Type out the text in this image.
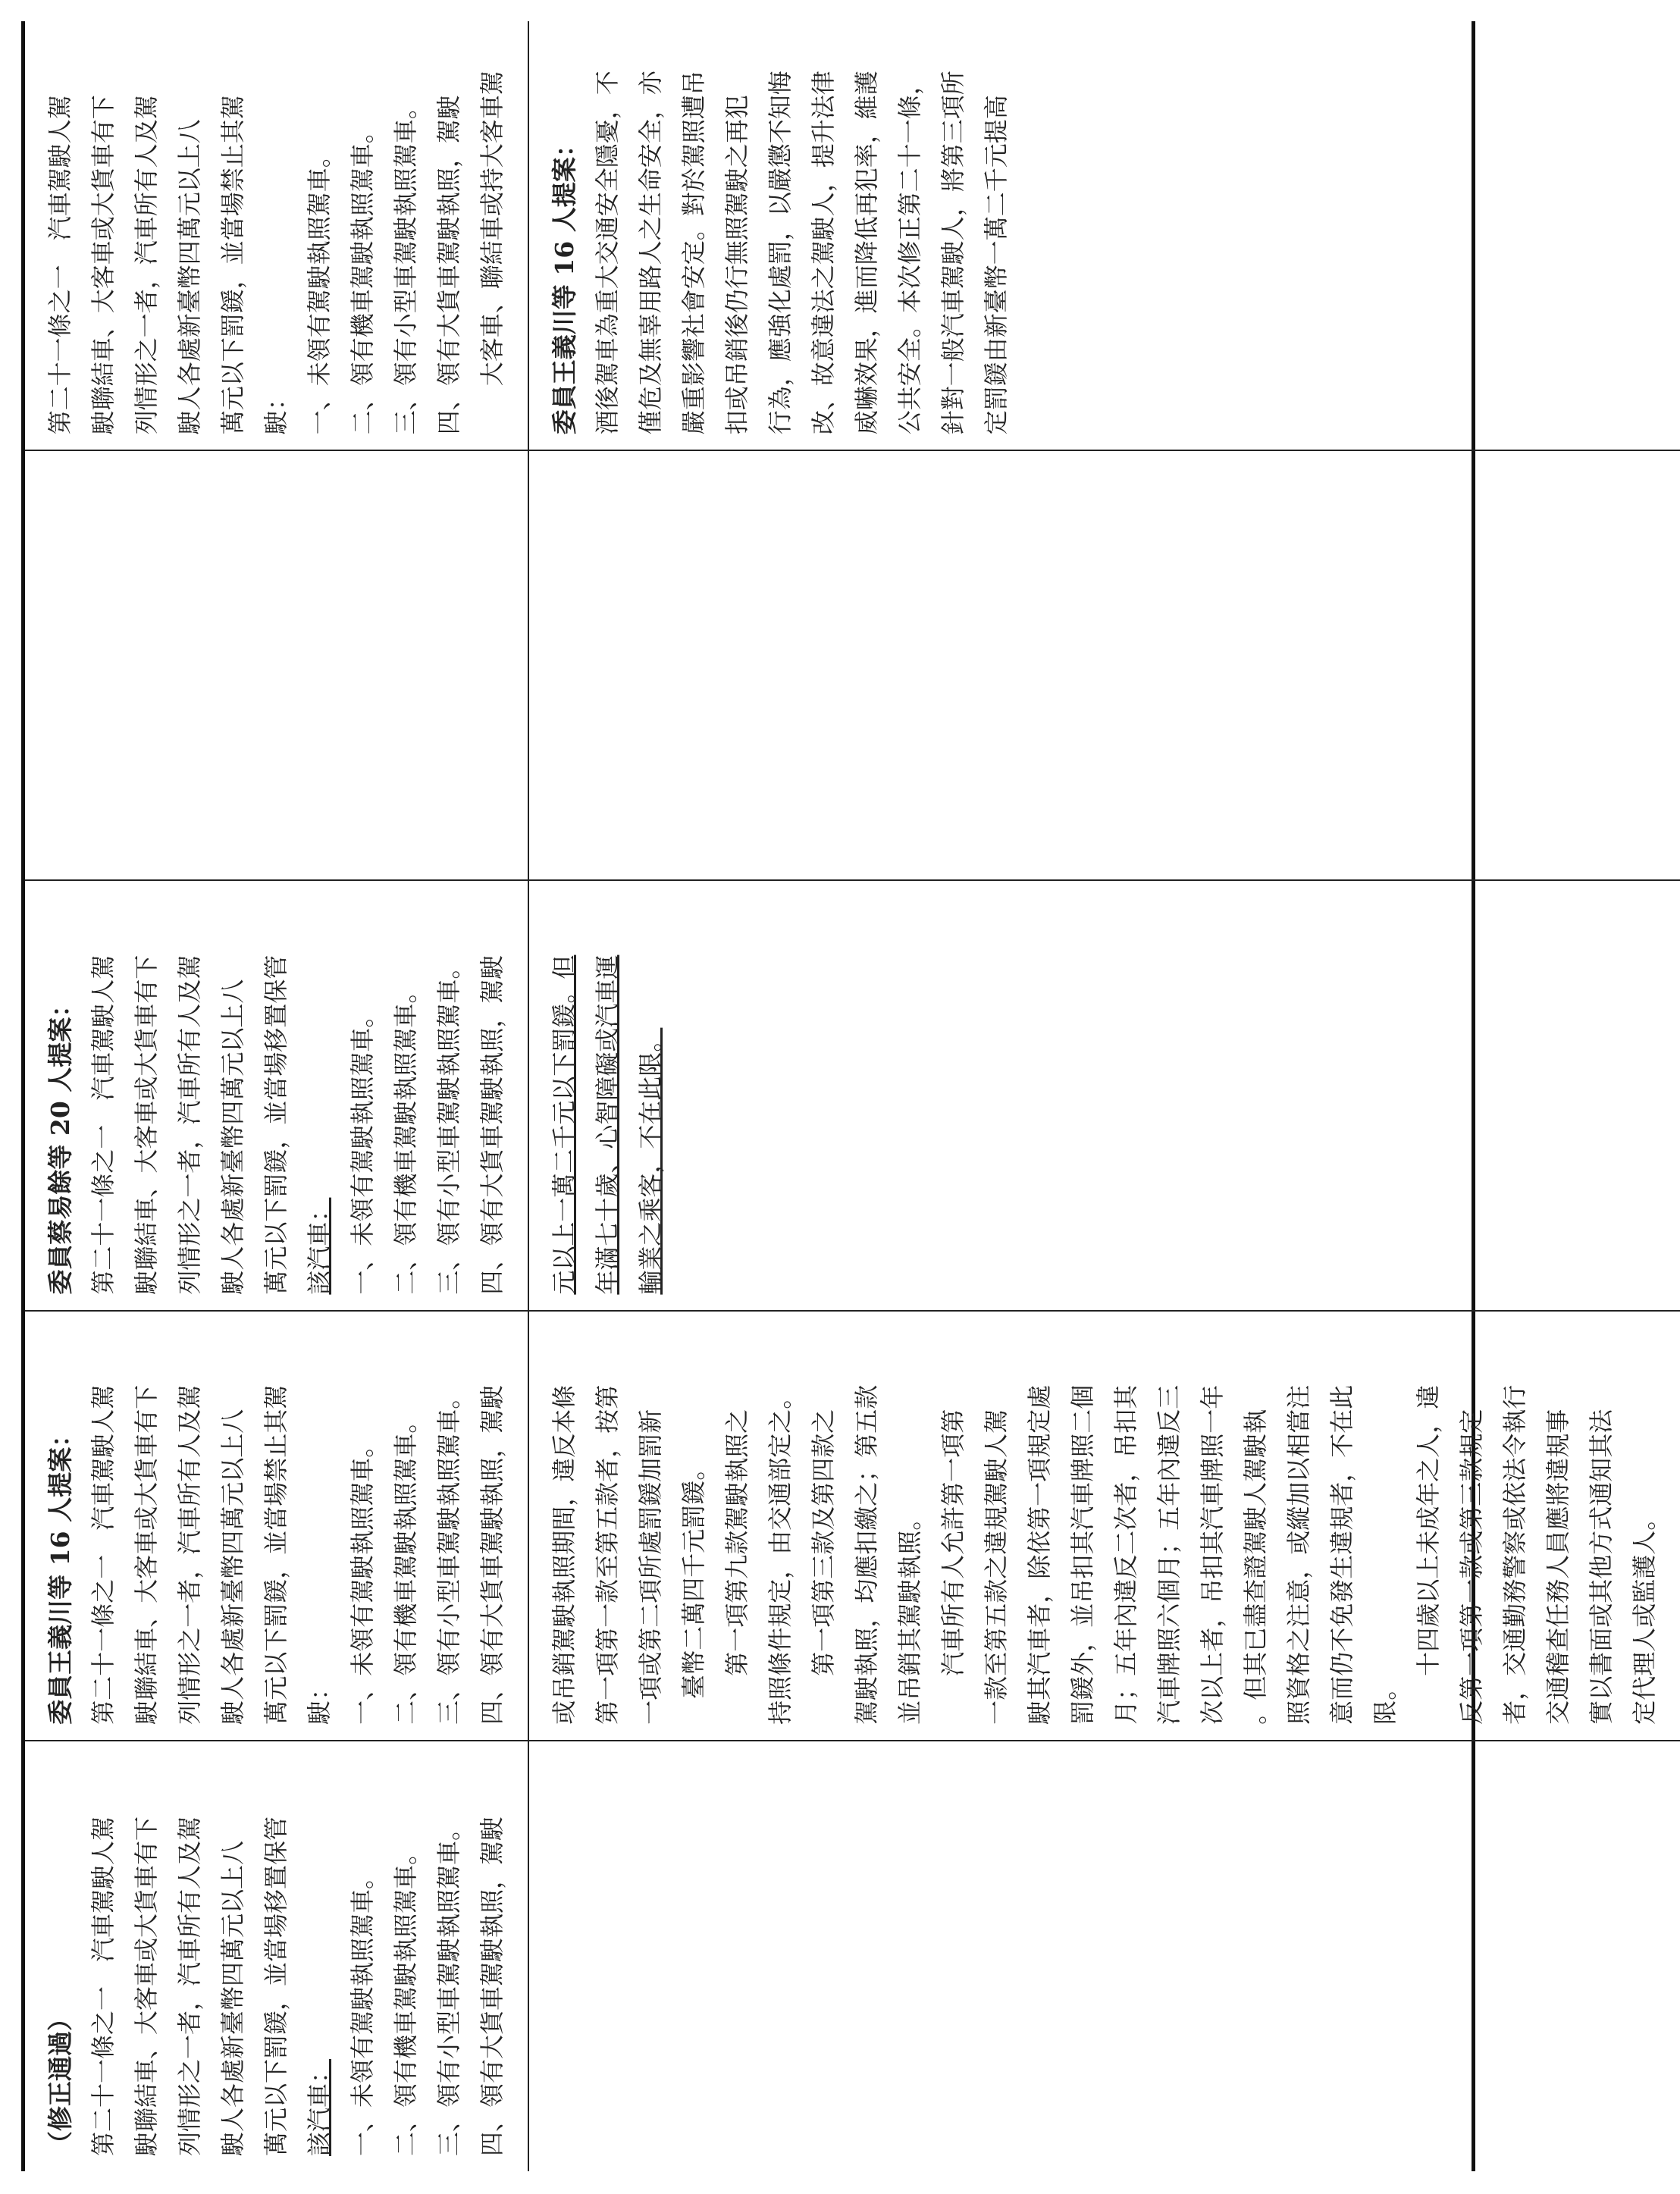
（修正通過） 第二十一條之一　汽車駕駛人駕 駛聯結車、大客車或大貨車有下 列情形之一者，汽車所有人及駕 駛人各處新臺幣四萬元以上八 萬元以下罰鍰，並當場移置保管 該汽車： 一、未領有駕駛執照駕車。 二、領有機車駕駛執照駕車。 三、領有小型車駕駛執照駕車。 四、領有大貨車駕駛執照，駕駛

委員王義川等 16 人提案： 第二十一條之一　汽車駕駛人駕 駛聯結車、大客車或大貨車有下 列情形之一者，汽車所有人及駕 駛人各處新臺幣四萬元以上八 萬元以下罰鍰，並當場禁止其駕 駛： 一、未領有駕駛執照駕車。 二、領有機車駕駛執照駕車。 三、領有小型車駕駛執照駕車。 四、領有大貨車駕駛執照，駕駛

委員蔡易餘等 20 人提案： 第二十一條之一　汽車駕駛人駕 駛聯結車、大客車或大貨車有下 列情形之一者，汽車所有人及駕 駛人各處新臺幣四萬元以上八 萬元以下罰鍰，並當場移置保管 該汽車： 一、未領有駕駛執照駕車。 二、領有機車駕駛執照駕車。 三、領有小型車駕駛執照駕車。 四、領有大貨車駕駛執照，駕駛

第二十一條之一　汽車駕駛人駕 駛聯結車、大客車或大貨車有下 列情形之一者，汽車所有人及駕 駛人各處新臺幣四萬元以上八 萬元以下罰鍰，並當場禁止其駕 駛： 一、未領有駕駛執照駕車。 二、領有機車駕駛執照駕車。 三、領有小型車駕駛執照駕車。 四、領有大貨車駕駛執照，駕駛 　　大客車、聯結車或持大客車駕

或吊銷駕駛執照期間，違反本條 第一項第一款至第五款者，按第 一項或第二項所處罰鍰加罰新 臺幣二萬四千元罰鍰。 第一項第九款駕駛執照之 持照條件規定，由交通部定之。 第一項第三款及第四款之 駕駛執照，均應扣繳之；第五款 並吊銷其駕駛執照。 汽車所有人允許第一項第 一款至第五款之違規駕駛人駕 駛其汽車者，除依第一項規定處 罰鍰外，並吊扣其汽車牌照二個 月；五年內違反二次者，吊扣其 汽車牌照六個月；五年內違反三 次以上者，吊扣其汽車牌照一年 。但其已盡查證駕駛人駕駛執 照資格之注意，或縱加以相當注 意而仍不免發生違規者，不在此 限。

十四歲以上未成年之人，違 反第一項第一款或第三款規定 者，交通勤務警察或依法令執行 交通稽查任務人員應將違規事 實以書面或其他方式通知其法 定代理人或監護人。

元以上一萬二千元以下罰鍰。但 年滿七十歲、心智障礙或汽車運 輸業之乘客，不在此限。

委員王義川等 16 人提案： 酒後駕車為重大交通安全隱憂，不 僅危及無辜用路人之生命安全，亦 嚴重影響社會安定。對於駕照遭吊 扣或吊銷後仍行無照駕駛之再犯 行為，應強化處罰，以嚴懲不知悔 改、故意違法之駕駛人，提升法律 威嚇效果，進而降低再犯率，維護 公共安全。本次修正第二十一條， 針對一般汽車駕駛人，將第三項所 定罰鍰由新臺幣一萬二千元提高
